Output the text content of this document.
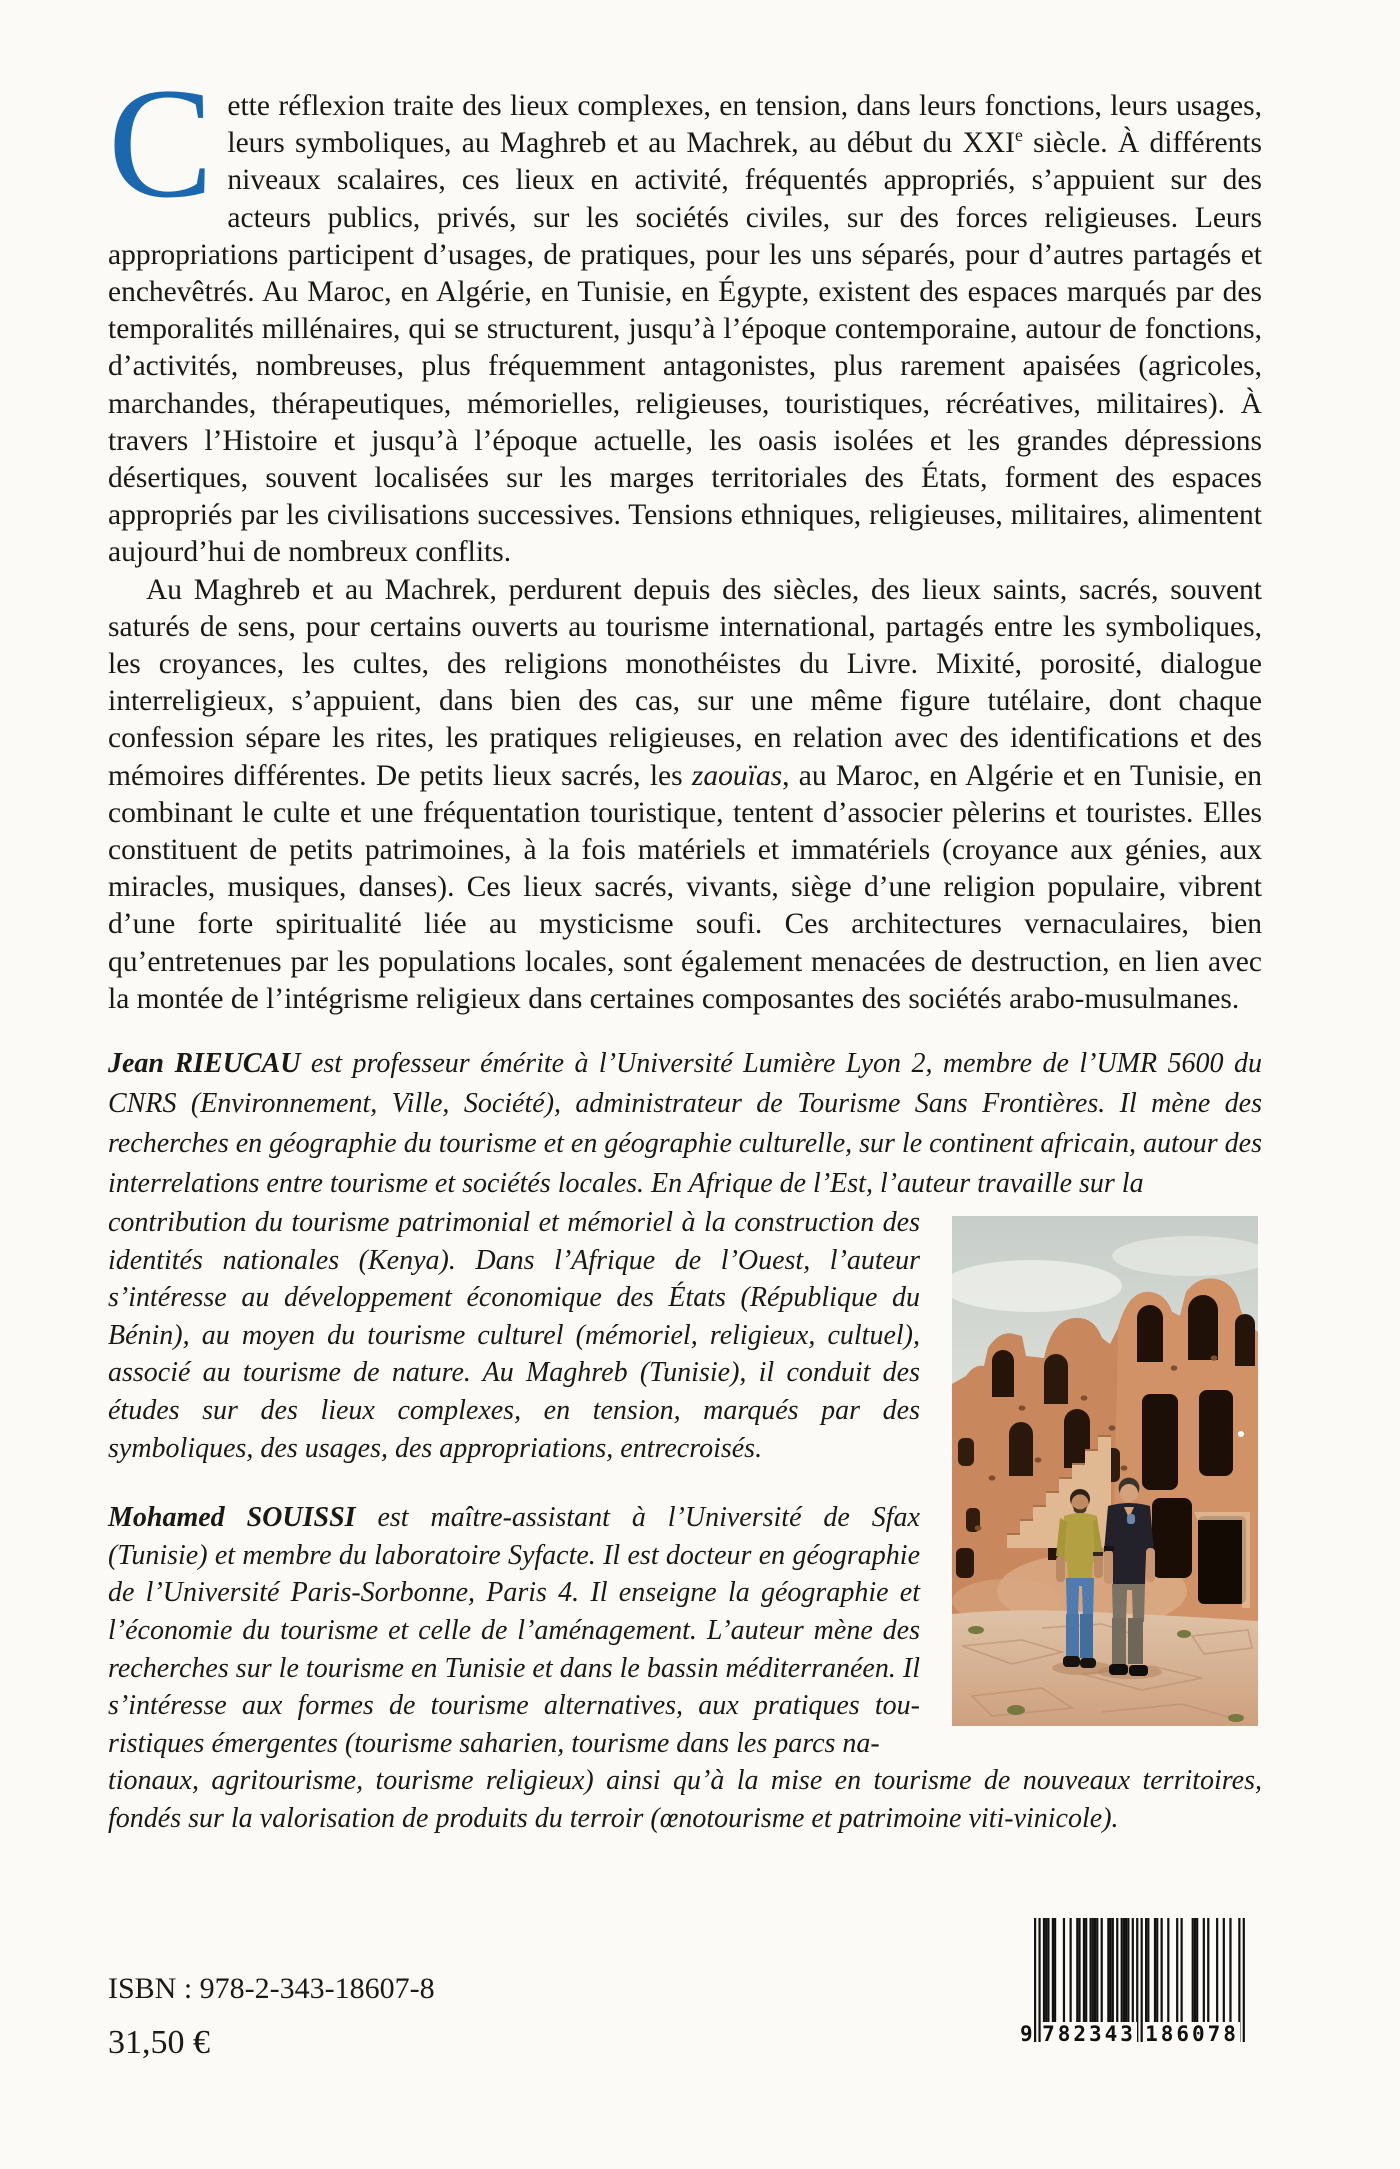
Cette réflexion traite des lieux complexes, en tension, dans leurs fonctions, leurs usages, leurs symboliques, au Maghreb et au Machrek, au début du XXIe siècle. À différents niveaux scalaires, ces lieux en activité, fréquentés appropriés, s’appuient sur des acteurs publics, privés, sur les sociétés civiles, sur des forces religieuses. Leurs appropriations participent d’usages, de pratiques, pour les uns séparés, pour d’autres partagés et enchevêtrés. Au Maroc, en Algérie, en Tunisie, en Égypte, existent des espaces marqués par des temporalités millénaires, qui se structurent, jusqu’à l’époque contemporaine, autour de fonctions, d’activités, nombreuses, plus fréquemment antagonistes, plus rarement apaisées (agricoles, marchandes, thérapeutiques, mémorielles, religieuses, touristiques, récréatives, militaires). À travers l’Histoire et jusqu’à l’époque actuelle, les oasis isolées et les grandes dépressions désertiques, souvent localisées sur les marges territoriales des États, forment des espaces appropriés par les civilisations successives. Tensions ethniques, religieuses, militaires, alimentent aujourd’hui de nombreux conflits.

Au Maghreb et au Machrek, perdurent depuis des siècles, des lieux saints, sacrés, souvent saturés de sens, pour certains ouverts au tourisme international, partagés entre les symboliques, les croyances, les cultes, des religions monothéistes du Livre. Mixité, porosité, dialogue interreligieux, s’appuient, dans bien des cas, sur une même figure tutélaire, dont chaque confession sépare les rites, les pratiques religieuses, en relation avec des identifications et des mémoires différentes. De petits lieux sacrés, les zaouïas, au Maroc, en Algérie et en Tunisie, en combinant le culte et une fréquentation touristique, tentent d’associer pèlerins et touristes. Elles constituent de petits patrimoines, à la fois matériels et immatériels (croyance aux génies, aux miracles, musiques, danses). Ces lieux sacrés, vivants, siège d’une religion populaire, vibrent d’une forte spiritualité liée au mysticisme soufi. Ces architectures vernaculaires, bien qu’entretenues par les populations locales, sont également menacées de destruction, en lien avec la montée de l’intégrisme religieux dans certaines composantes des sociétés arabo-musulmanes.

Jean RIEUCAU est professeur émérite à l’Université Lumière Lyon 2, membre de l’UMR 5600 du CNRS (Environnement, Ville, Société), administrateur de Tourisme Sans Frontières. Il mène des recherches en géographie du tourisme et en géographie culturelle, sur le continent africain, autour des interrelations entre tourisme et sociétés locales. En Afrique de l’Est, l’auteur travaille sur la

contribution du tourisme patrimonial et mémoriel à la construction des identités nationales (Kenya). Dans l’Afrique de l’Ouest, l’auteur s’intéresse au développement économique des États (République du Bénin), au moyen du tourisme culturel (mémoriel, religieux, cultuel), associé au tourisme de nature. Au Maghreb (Tunisie), il conduit des études sur des lieux complexes, en tension, marqués par des symboliques, des usages, des appropriations, entrecroisés.

Mohamed SOUISSI est maître-assistant à l’Université de Sfax (Tunisie) et membre du laboratoire Syfacte. Il est docteur en géographie de l’Université Paris-Sorbonne, Paris 4. Il enseigne la géographie et l’économie du tourisme et celle de l’aménagement. L’auteur mène des recherches sur le tourisme en Tunisie et dans le bassin méditerranéen. Il s’intéresse aux formes de tourisme alternatives, aux pratiques tou-ristiques émergentes (tourisme saharien, tourisme dans les parcs na-

tionaux, agritourisme, tourisme religieux) ainsi qu’à la mise en tourisme de nouveaux territoires, fondés sur la valorisation de produits du terroir (œnotourisme et patrimoine viti-vinicole).

ISBN : 978-2-343-18607-8
31,50 €	9 782343 186078
